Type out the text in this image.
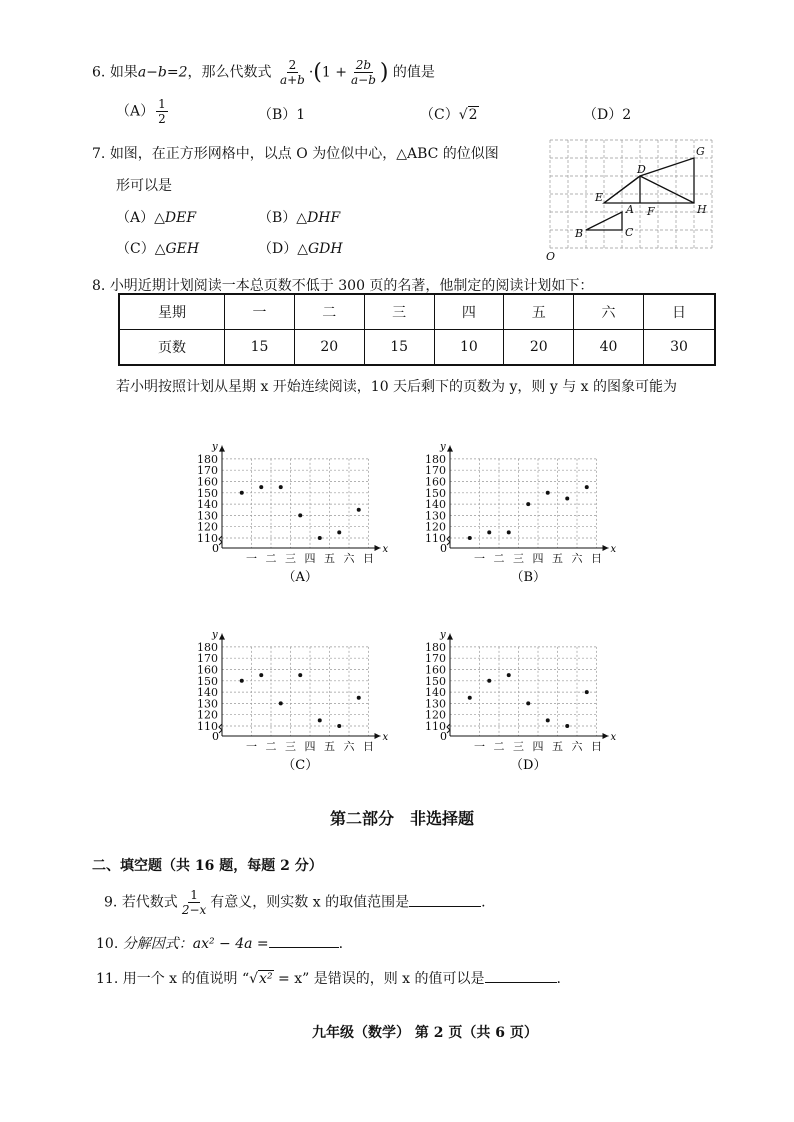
6. 如果a−b=2，那么代数式 $\frac{2}{a+b} \cdot(1 + \frac{2b}{a-b}$ ) 的值是
$(A) \frac{1}{2}$	（B）1	（C）√2	（D）2
7. 如图，在正方形网格中，以点 O 为位似中心，△ABC 的位似图
形可以是
（A）△DEF	（B）△DHF
（C）△GEH	（D）△GDH
G
D
E
A F	H
B	C
O
8. 小明近期计划阅读一本总页数不低于 300 页的名著，他制定的阅读计划如下：
星期	一	二	三	四	五	六	日
页数	15	20	15	10	20	40	30
若小明按照计划从星期 x 开始连续阅读，10 天后剩下的页数为 y，则 y 与 x 的图象可能为
110
120
130
140
150
160
170
180
x
y
0
一 二 三 四 五 六 日
（A）
110
120
130
140
150
160
170
180
x
y
0
一 二 三 四 五 六 日
（B）
110
120
130
140
150
160
170
180
x
y
0
一 二 三 四 五 六 日
（C）
110
120
130
140
150
160
170
180
x
y
0
一 二 三 四 五 六 日
（D）
第二部分　非选择题
二、填空题（共 16 题，每题 2 分）
9. 若代数式 $\frac{1}{2-x}$ 有意义，则实数 x 的取值范围是	.
10. 分解因式：ax² − 4a =	.
11. 用一个 x 的值说明 “√x² = x” 是错误的，则 x 的值可以是	.
九年级（数学） 第 2 页（共 6 页）
